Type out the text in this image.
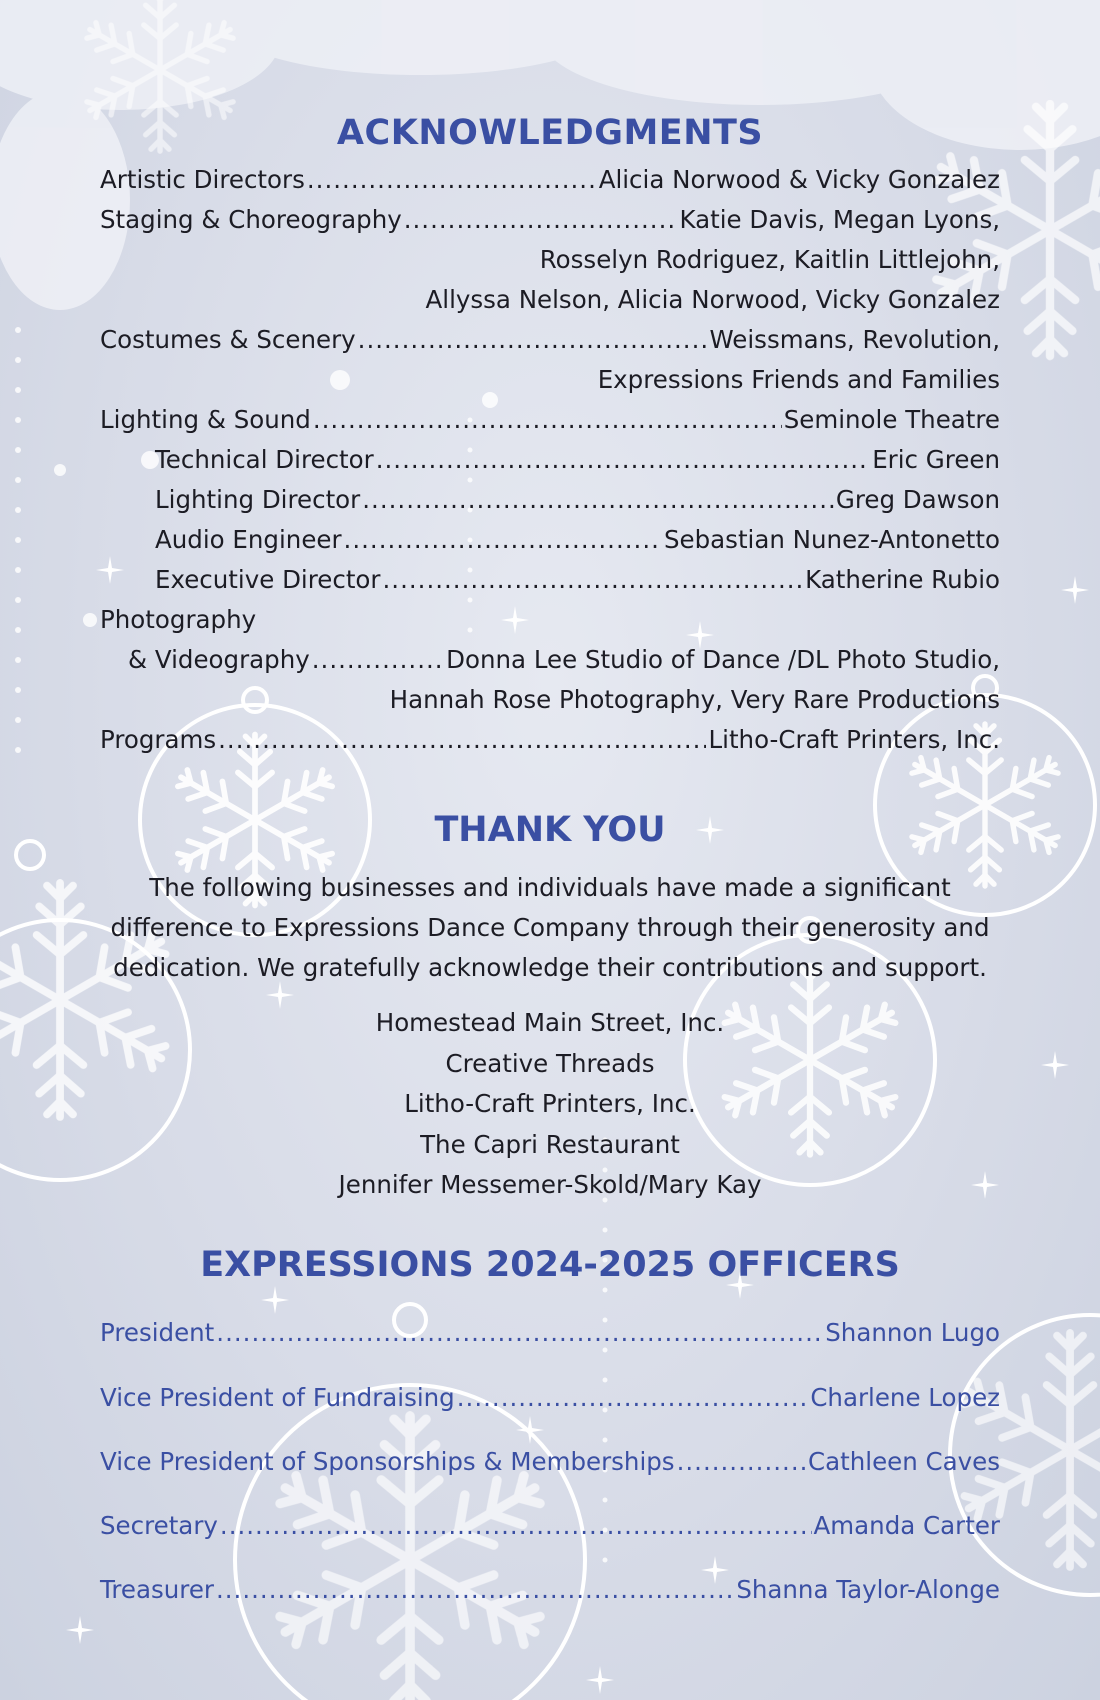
ACKNOWLEDGMENTS
Artistic Directors .....	Alicia Norwood & Vicky Gonzalez
Staging & Choreography .....	Katie Davis, Megan Lyons,
Rosselyn Rodriguez, Kaitlin Littlejohn,
Allyssa Nelson, Alicia Norwood, Vicky Gonzalez
Costumes & Scenery .....	Weissmans, Revolution,
Expressions Friends and Families
Lighting & Sound .....	Seminole Theatre
Technical Director .....	Eric Green
Lighting Director .....	Greg Dawson
Audio Engineer .....	Sebastian Nunez-Antonetto
Executive Director .....	Katherine Rubio
Photography
& Videography .....	Donna Lee Studio of Dance /DL Photo Studio,
Hannah Rose Photography, Very Rare Productions
Programs .....	Litho-Craft Printers, Inc.
THANK YOU
The following businesses and individuals have made a significant
difference to Expressions Dance Company through their generosity and
dedication. We gratefully acknowledge their contributions and support.
Homestead Main Street, Inc.
Creative Threads
Litho-Craft Printers, Inc.
The Capri Restaurant
Jennifer Messemer-Skold/Mary Kay
EXPRESSIONS 2024-2025 OFFICERS
President .....	Shannon Lugo
Vice President of Fundraising .....	Charlene Lopez
Vice President of Sponsorships & Memberships .....	Cathleen Caves
Secretary .....	Amanda Carter
Treasurer .....	Shanna Taylor-Alonge
